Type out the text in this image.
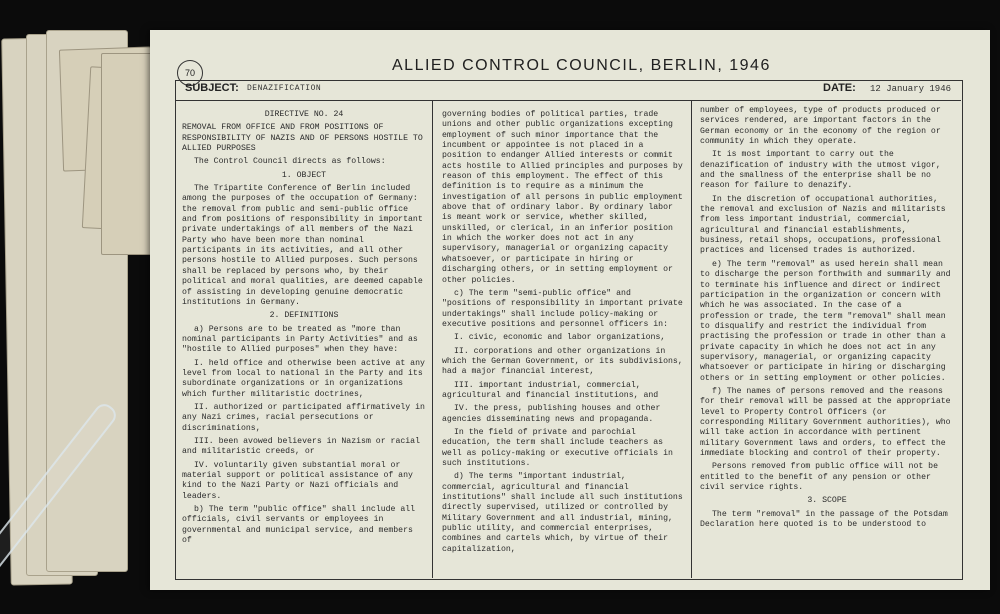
70	ALLIED CONTROL COUNCIL, BERLIN, 1946
SUBJECT: DENAZIFICATION	DATE: 12 January 1946

DIRECTIVE NO. 24

REMOVAL FROM OFFICE AND FROM POSITIONS OF RESPONSIBILITY OF NAZIS AND OF PERSONS HOSTILE TO ALLIED PURPOSES

The Control Council directs as follows:

1. OBJECT

The Tripartite Conference of Berlin included among the purposes of the occupation of Germany: the removal from public and semi-public office and from positions of responsibility in important private undertakings of all members of the Nazi Party who have been more than nominal participants in its activities, and all other persons hostile to Allied purposes. Such persons shall be replaced by persons who, by their political and moral qualities, are deemed capable of assisting in developing genuine democratic institutions in Germany.

2. DEFINITIONS

a) Persons are to be treated as "more than nominal participants in Party Activities" and as "hostile to Allied purposes" when they have:

I. held office and otherwise been active at any level from local to national in the Party and its subordinate organizations or in organizations which further militaristic doctrines,

II. authorized or participated affirmatively in any Nazi crimes, racial persecutions or discriminations,

III. been avowed believers in Nazism or racial and militaristic creeds, or

IV. voluntarily given substantial moral or material support or political assistance of any kind to the Nazi Party or Nazi officials and leaders.

b) The term "public office" shall include all officials, civil servants or employees in governmental and municipal service, and members of

governing bodies of political parties, trade unions and other public organizations excepting employment of such minor importance that the incumbent or appointee is not placed in a position to endanger Allied interests or commit acts hostile to Allied principles and purposes by reason of this employment. The effect of this definition is to require as a minimum the investigation of all persons in public employment above that of ordinary labor. By ordinary labor is meant work or service, whether skilled, unskilled, or clerical, in an inferior position in which the worker does not act in any supervisory, managerial or organizing capacity whatsoever, or participate in hiring or discharging others, or in setting employment or other policies.

c) The term "semi-public office" and "positions of responsibility in important private undertakings" shall include policy-making or executive positions and personnel officers in:

I. civic, economic and labor organizations,

II. corporations and other organizations in which the German Government, or its subdivisions, had a major financial interest,

III. important industrial, commercial, agricultural and financial institutions, and

IV. the press, publishing houses and other agencies disseminating news and propaganda.

In the field of private and parochial education, the term shall include teachers as well as policy-making or executive officials in such institutions.

d) The terms "important industrial, commercial, agricultural and financial institutions" shall include all such institutions directly supervised, utilized or controlled by Military Government and all industrial, mining, public utility, and commercial enterprises, combines and cartels which, by virtue of their capitalization,

number of employees, type of products produced or services rendered, are important factors in the German economy or in the economy of the region or community in which they operate.

It is most important to carry out the denazification of industry with the utmost vigor, and the smallness of the enterprise shall be no reason for failure to denazify.

In the discretion of occupational authorities, the removal and exclusion of Nazis and militarists from less important industrial, commercial, agricultural and financial establishments, business, retail shops, occupations, professional practices and licensed trades is authorized.

e) The term "removal" as used herein shall mean to discharge the person forthwith and summarily and to terminate his influence and direct or indirect participation in the organization or concern with which he was associated. In the case of a profession or trade, the term "removal" shall mean to disqualify and restrict the individual from practising the profession or trade in other than a private capacity in which he does not act in any supervisory, managerial, or organizing capacity whatsoever or participate in hiring or discharging others or in setting employment or other policies.

f) The names of persons removed and the reasons for their removal will be passed at the appropriate level to Property Control Officers (or corresponding Military Government authorities), who will take action in accordance with pertinent military Government laws and orders, to effect the immediate blocking and control of their property.

Persons removed from public office will not be entitled to the benefit of any pension or other civil service rights.

3. SCOPE

The term "removal" in the passage of the Potsdam Declaration here quoted is to be understood to
